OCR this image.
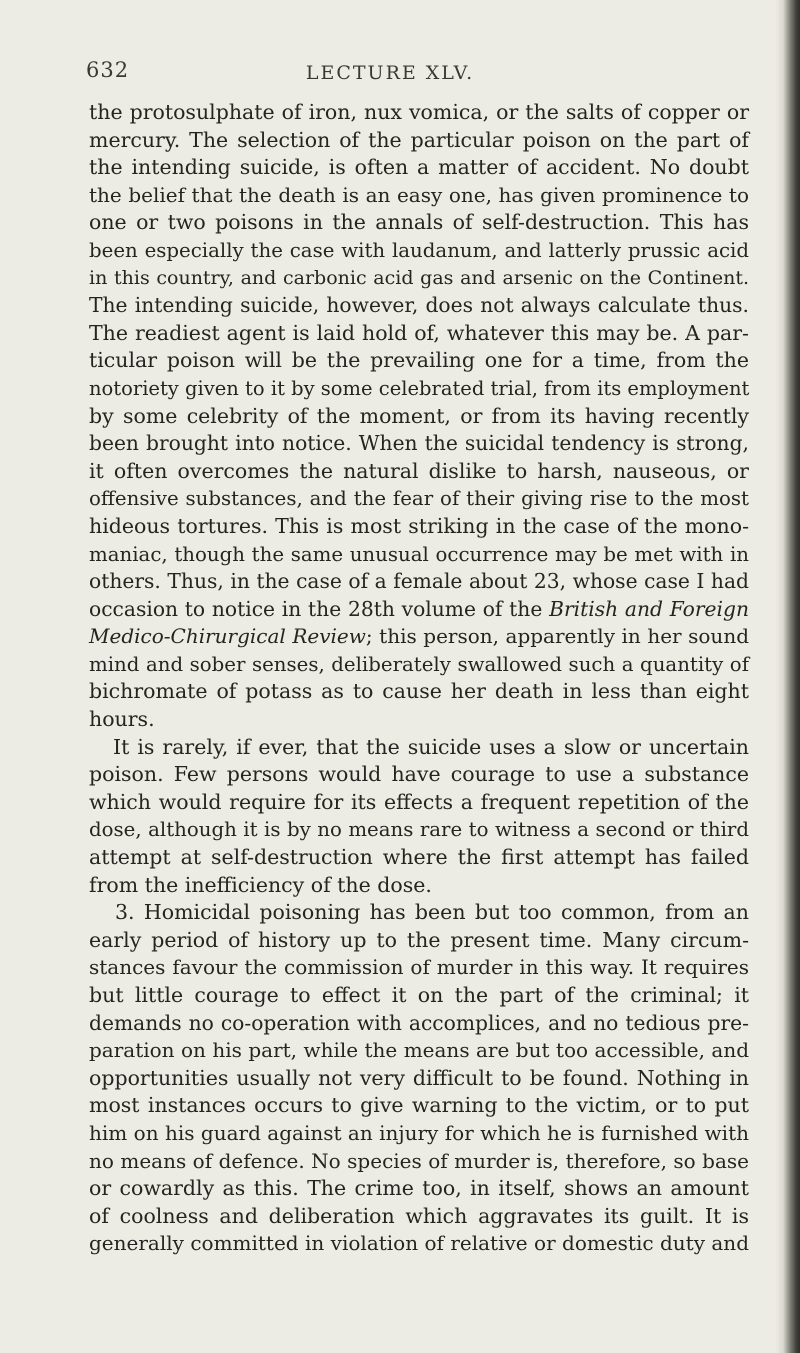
632	LECTURE XLV.
the protosulphate of iron, nux vomica, or the salts of copper or
mercury. The selection of the particular poison on the part of
the intending suicide, is often a matter of accident. No doubt
the belief that the death is an easy one, has given prominence to
one or two poisons in the annals of self-destruction. This has
been especially the case with laudanum, and latterly prussic acid
in this country, and carbonic acid gas and arsenic on the Continent.
The intending suicide, however, does not always calculate thus.
The readiest agent is laid hold of, whatever this may be. A par-
ticular poison will be the prevailing one for a time, from the
notoriety given to it by some celebrated trial, from its employment
by some celebrity of the moment, or from its having recently
been brought into notice. When the suicidal tendency is strong,
it often overcomes the natural dislike to harsh, nauseous, or
offensive substances, and the fear of their giving rise to the most
hideous tortures. This is most striking in the case of the mono-
maniac, though the same unusual occurrence may be met with in
others. Thus, in the case of a female about 23, whose case I had
occasion to notice in the 28th volume of the British and Foreign
Medico-Chirurgical Review; this person, apparently in her sound
mind and sober senses, deliberately swallowed such a quantity of
bichromate of potass as to cause her death in less than eight
hours.
It is rarely, if ever, that the suicide uses a slow or uncertain
poison. Few persons would have courage to use a substance
which would require for its effects a frequent repetition of the
dose, although it is by no means rare to witness a second or third
attempt at self-destruction where the first attempt has failed
from the inefficiency of the dose.
3. Homicidal poisoning has been but too common, from an
early period of history up to the present time. Many circum-
stances favour the commission of murder in this way. It requires
but little courage to effect it on the part of the criminal; it
demands no co-operation with accomplices, and no tedious pre-
paration on his part, while the means are but too accessible, and
opportunities usually not very difficult to be found. Nothing in
most instances occurs to give warning to the victim, or to put
him on his guard against an injury for which he is furnished with
no means of defence. No species of murder is, therefore, so base
or cowardly as this. The crime too, in itself, shows an amount
of coolness and deliberation which aggravates its guilt. It is
generally committed in violation of relative or domestic duty and
